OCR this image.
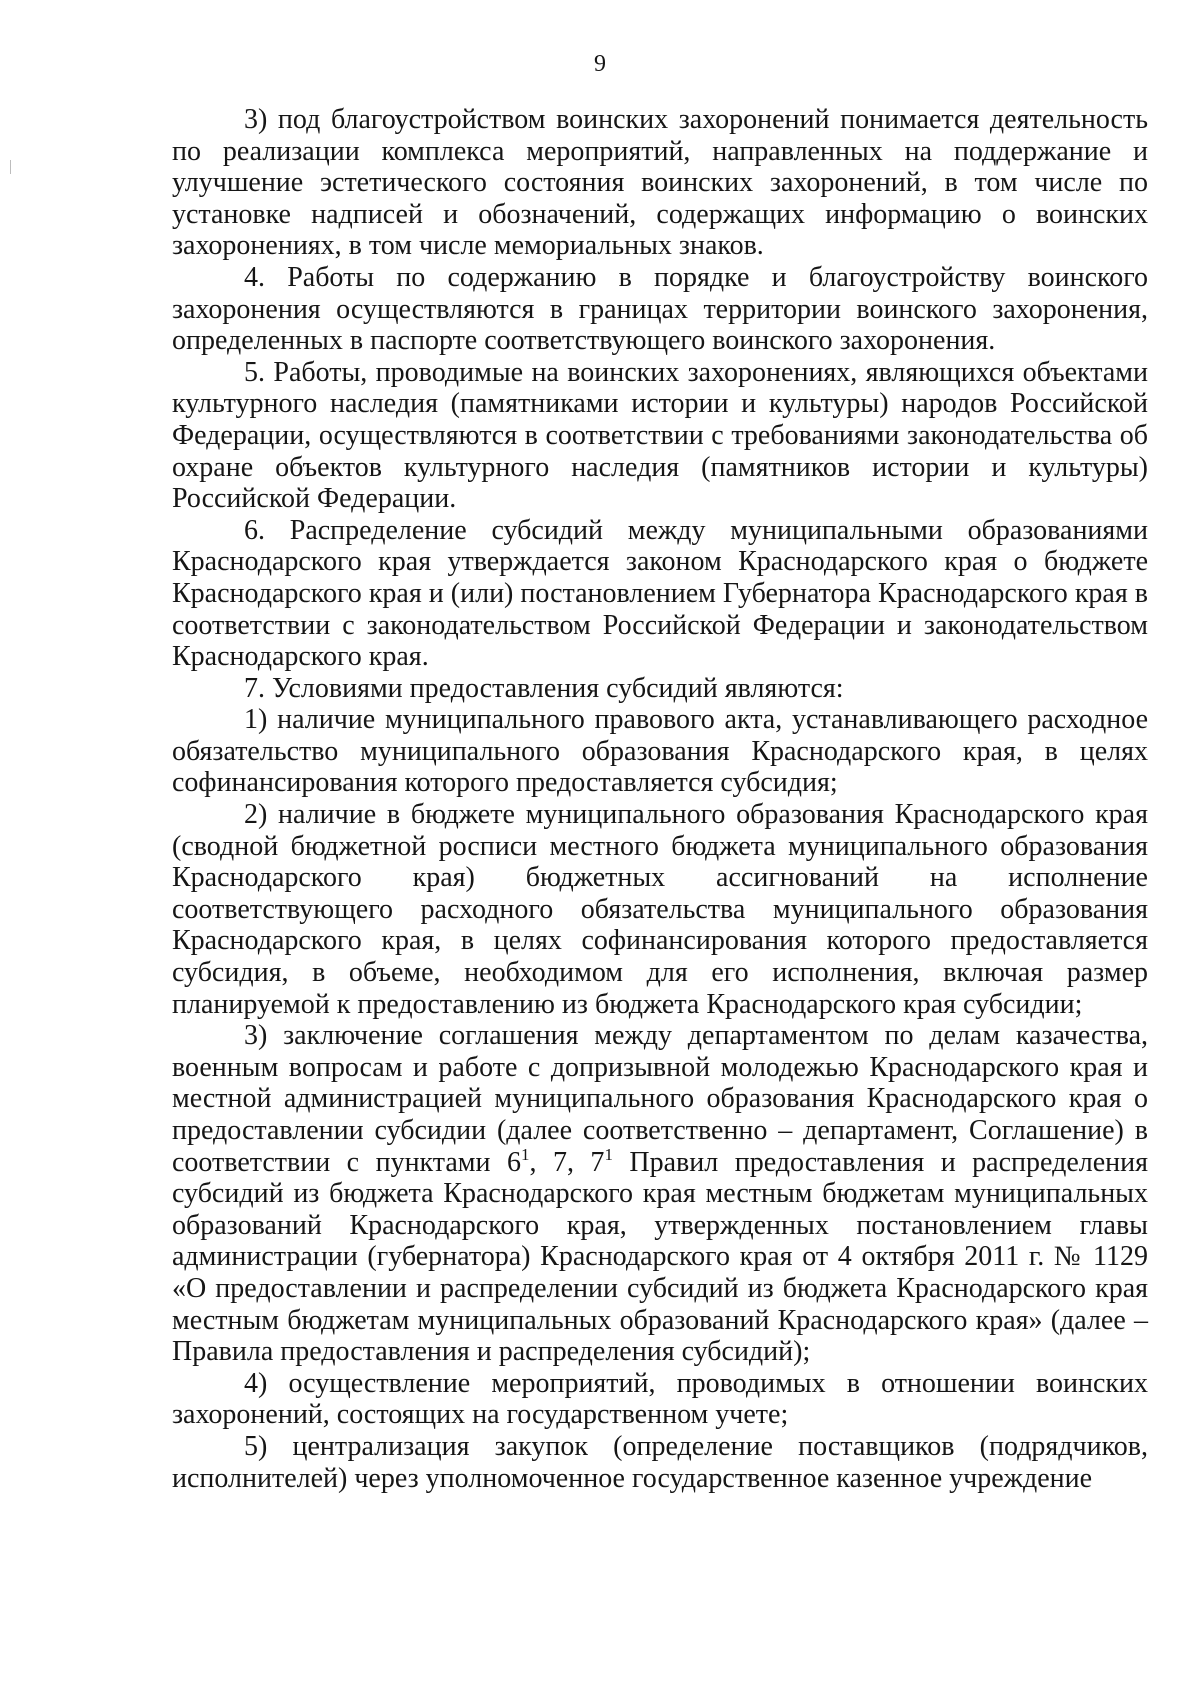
9

3) под благоустройством воинских захоронений понимается деятельность по реализации комплекса мероприятий, направленных на поддержание и улучшение эстетического состояния воинских захоронений, в том числе по установке надписей и обозначений, содержащих информацию о воинских захоронениях, в том числе мемориальных знаков.

4. Работы по содержанию в порядке и благоустройству воинского захоронения осуществляются в границах территории воинского захоронения, определенных в паспорте соответствующего воинского захоронения.

5. Работы, проводимые на воинских захоронениях, являющихся объектами культурного наследия (памятниками истории и культуры) народов Российской Федерации, осуществляются в соответствии с требованиями законодательства об охране объектов культурного наследия (памятников истории и культуры) Российской Федерации.

6. Распределение субсидий между муниципальными образованиями Краснодарского края утверждается законом Краснодарского края о бюджете Краснодарского края и (или) постановлением Губернатора Краснодарского края в соответствии с законодательством Российской Федерации и законодательством Краснодарского края.

7. Условиями предоставления субсидий являются:

1) наличие муниципального правового акта, устанавливающего расходное обязательство муниципального образования Краснодарского края, в целях софинансирования которого предоставляется субсидия;

2) наличие в бюджете муниципального образования Краснодарского края (сводной бюджетной росписи местного бюджета муниципального образования Краснодарского края) бюджетных ассигнований на исполнение соответствующего расходного обязательства муниципального образования Краснодарского края, в целях софинансирования которого предоставляется субсидия, в объеме, необходимом для его исполнения, включая размер планируемой к предоставлению из бюджета Краснодарского края субсидии;

3) заключение соглашения между департаментом по делам казачества, военным вопросам и работе с допризывной молодежью Краснодарского края и местной администрацией муниципального образования Краснодарского края о предоставлении субсидии (далее соответственно – департамент, Соглашение) в соответствии с пунктами $6^1$, 7, $7^1$ Правил предоставления и распределения субсидий из бюджета Краснодарского края местным бюджетам муниципальных образований Краснодарского края, утвержденных постановлением главы администрации (губернатора) Краснодарского края от 4 октября 2011 г. № 1129 «О предоставлении и распределении субсидий из бюджета Краснодарского края местным бюджетам муниципальных образований Краснодарского края» (далее – Правила предоставления и распределения субсидий);

4) осуществление мероприятий, проводимых в отношении воинских захоронений, состоящих на государственном учете;

5) централизация закупок (определение поставщиков (подрядчиков, исполнителей) через уполномоченное государственное казенное учреждение
